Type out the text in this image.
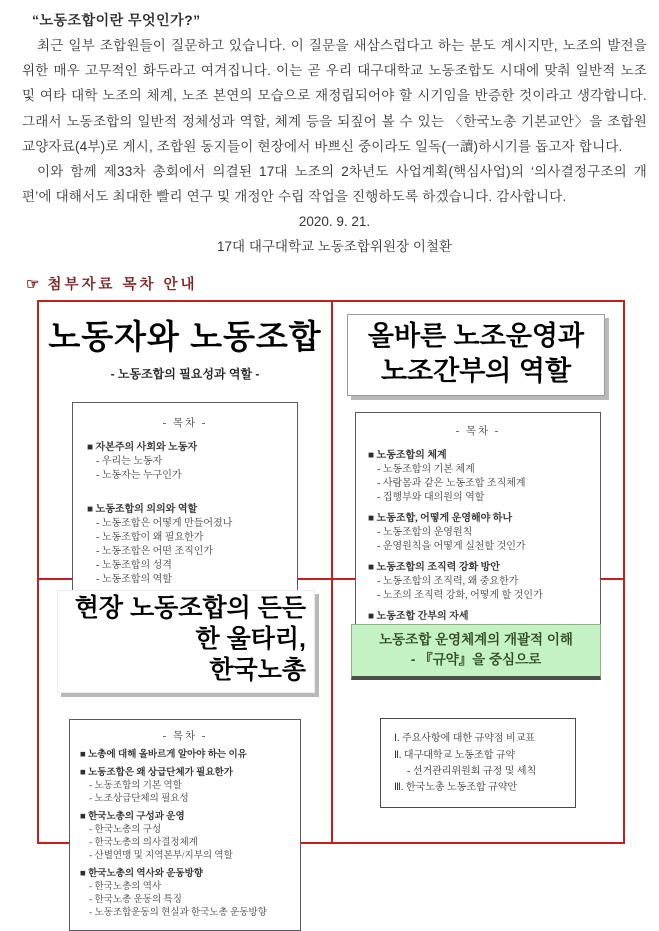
“노동조합이란 무엇인가?”

최근 일부 조합원들이 질문하고 있습니다. 이 질문을 새삼스럽다고 하는 분도 계시지만, 노조의 발전을 위한 매우 고무적인 화두라고 여겨집니다. 이는 곧 우리 대구대학교 노동조합도 시대에 맞춰 일반적 노조 및 여타 대학 노조의 체계, 노조 본연의 모습으로 재정립되어야 할 시기임을 반증한 것이라고 생각합니다. 그래서 노동조합의 일반적 정체성과 역할, 체계 등을 되짚어 볼 수 있는 〈한국노총 기본교안〉을 조합원 교양자료(4부)로 게시, 조합원 동지들이 현장에서 바쁘신 중이라도 일독(一讀)하시기를 돕고자 합니다.

이와 함께 제33차 총회에서 의결된 17대 노조의 2차년도 사업계획(핵심사업)의 ‘의사결정구조의 개편’에 대해서도 최대한 빨리 연구 및 개정안 수립 작업을 진행하도록 하겠습니다. 감사합니다.

2020. 9. 21.

17대 대구대학교 노동조합위원장 이철환

☞ 첨부자료 목차 안내
노동자와 노동조합
- 노동조합의 필요성과 역할 -
- 목차 -
■ 자본주의 사회와 노동자
- 우리는 노동자
- 노동자는 누구인가
■ 노동조합의 의의와 역할
- 노동조합은 어떻게 만들어졌나
- 노동조합이 왜 필요한가
- 노동조합은 어떤 조직인가
- 노동조합의 성격
- 노동조합의 역할
올바른 노조운영과
노조간부의 역할
- 목차 -
■ 노동조합의 체계
- 노동조합의 기본 체계
- 사람몸과 같은 노동조합 조직체계
- 집행부와 대의원의 역할
■ 노동조합, 어떻게 운영해야 하나
- 노동조합의 운영원칙
- 운영원칙을 어떻게 실천할 것인가
■ 노동조합의 조직력 강화 방안
- 노동조합의 조직력, 왜 중요한가
- 노조의 조직력 강화, 어떻게 할 것인가
■ 노동조합 간부의 자세
현장 노동조합의 든든한 울타리,
한국노총
- 목차 -
■ 노총에 대해 올바르게 알아야 하는 이유
■ 노동조합은 왜 상급단체가 필요한가
- 노동조합의 기본 역할
- 노조상급단체의 필요성
■ 한국노총의 구성과 운영
- 한국노총의 구성
- 한국노총의 의사결정체계
- 산별연맹 및 지역본부/지부의 역할
■ 한국노총의 역사와 운동방향
- 한국노총의 역사
- 한국노총 운동의 특징
- 노동조합운동의 현실과 한국노총 운동방향
노동조합 운영체계의 개괄적 이해
- 『규약』을 중심으로
Ⅰ. 주요사항에 대한 규약점 비교표
Ⅱ. 대구대학교 노동조합 규약
- 선거관리위원회 규정 및 세칙
Ⅲ. 한국노총 노동조합 규약안
